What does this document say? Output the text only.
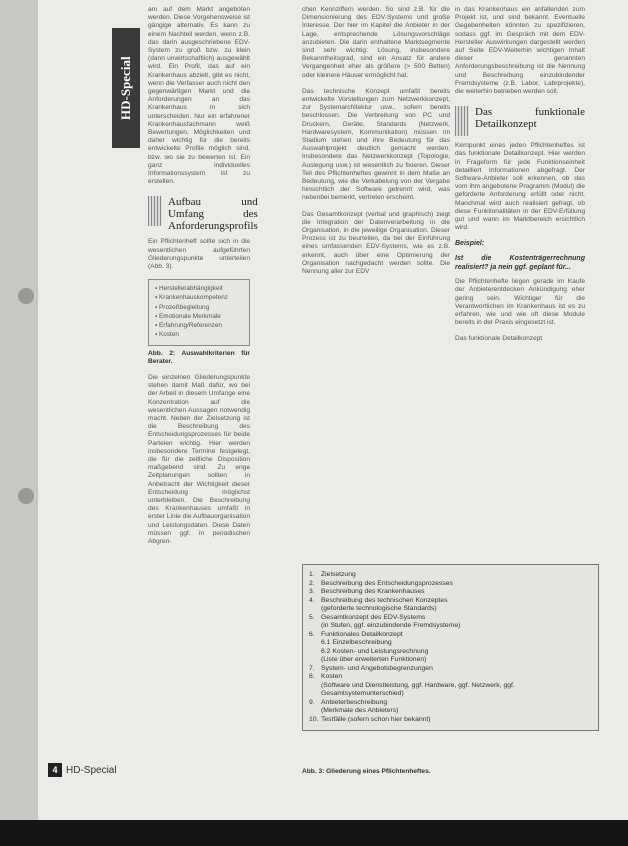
HD-Special

am auf dem Markt angeboten werden. Diese Vorgehensweise ist gängige alternativ. Es kann zu einem Nachteil werden, wenn z.B. das darin ausgeschriebene EDV-System zu groß bzw. zu klein (dann unwirtschaftlich) ausgewählt wird. Ein Profil, das auf ein Krankenhaus abzielt, gibt es nicht, wenn die Verfasser auch nicht den gegenwärtigen Markt und die Anforderungen an das Krankenhaus in sich unterscheiden. Nur ein erfahrener Krankenhausfachmann weiß Bewertungen, Möglichkeiten und daher wichtig für die bereits entwickelte Profile möglich sind, bzw. wo sie zu bewerten ist. Ein ganz individuelles Informationssystem ist zu erstellen.

Aufbau und Umfang des Anforderungsprofils

Ein Pflichtenheft sollte sich in die wesentlichen aufgeführten Gliederungspunkte unterteilen (Abb. 3).

▪ Herstellerabhängigkeit
▪ Krankenhauskompetenz
▪ Prozeßbegleitung
▪ Emotionale Merkmale
▪ Erfahrung/Referenzen
▪ Kosten
Abb. 2: Auswahlkriterien für Berater.

Die einzelnen Gliederungspunkte stehen damit Maß dafür, wo bei der Arbeit in diesem Umfange eine Konzentration auf die wesentlichen Aussagen notwendig macht. Neben der Zielsetzung ist die Beschreibung des Entscheidungsprozesses für beide Parteien wichtig. Hier werden insbesondere Termine festgelegt, die für die zeitliche Disposition maßgebend sind. Zu enge Zeitplanungen sollten in Anbetracht der Wichtigkeit dieser Entscheidung möglichst unterbleiben. Die Beschreibung des Krankenhauses umfaßt in erster Linie die Aufbauorganisation und Leistungsdaten. Diese Daten müssen ggf. in periodischen Abgren-

chen Kennziffern werden. So sind z.B. für die Dimensionierung des EDV-Systems und große Interesse. Der hier im Kapitel die Anbieter in der Lage, entsprechende Lösungsvorschläge anzubieten. Die darin enthaltene Marktsegmente sind sehr wichtig: Lösung, insbesondere Bekanntheitsgrad, sind ein Ansatz für andere Vergangenheit eher als größere (> 500 Betten) oder kleinere Häuser ermöglicht hat.

Das technische Konzept umfaßt bereits entwickelte Vorstellungen zum Netzwerkkonzept, zur Systemarchitektur usw., sofern bereits beschlossen. Die Verbreitung von PC und Druckern, Geräte, Standards (Netzwerk, Hardwaresystem, Kommunikation) müssen im Stadium stehen und ihre Bedeutung für das Auswahlprojekt deutlich gemacht werden. Insbesondere das Netzwerkkonzept (Topologie, Auslegung usw.) ist wesentlich zu fixieren. Dieser Teil des Pflichtenheftes gewinnt in dem Maße an Bedeutung, wie die Verkabelung von der Vergabe hinsichtlich der Software getrennt wird, was nebenbei bemerkt, vertreten erscheint.

Das Gesamtkonzept (verbal und graphisch) zeigt die Integration der Datenverarbeitung in die Organisation, in die jeweilige Organisation. Dieser Prozess ist zu beurteilen, da bei der Einführung eines umfassenden EDV-Systems, wie es z.B. erkennt, auch über eine Optimierung der Organisation nachgedacht werden sollte. Die Nennung aller zur EDV

in das Krankenhaus ein anfallenden zum Projekt ist, und sind bekannt. Eventuelle Gegebenheiten könnten zu spezifizieren, sodass ggf. im Gespräch mit dem EDV-Hersteller Auswirkungen dargestellt werden auf Seite EDV-Weiterhin wichtigen Inhalt dieser genannten Anforderungsbeschreibung ist die Nennung und Beschreibung einzubindender Fremdsysteme (z.B. Labor, Labrprojekte), die weiterhin betrieben werden soll.

Das funktionale Detailkonzept

Kernpunkt eines jeden Pflichtenheftes ist das funktionale Detailkonzept. Hier werden in Frageform für jede Funktionseinheit detailliert Informationen abgefragt. Der Software-Anbieter soll erkennen, ob das vom ihm angebotene Programm (Modul) die geforderte Anforderung erfüllt oder nicht. Manchmal wird auch realisiert gefragt, ob diese Funktionalitäten in der EDV-Erfüllung gut und wann im Marktbereich ersichtlich wird.

Beispiel:
Ist die Kostenträgerrechnung realisiert? ja nein ggf. geplant für...

Die Pflichtenhefte liegen gerade im Kaufe der Anbieterentdecken Ankündigung eher gering sein. Wichtiger für die Verantwortlichen im Krankenhaus ist es zu erfahren, wie und wie oft diese Module bereits in der Praxis eingesetzt ist.

Das funktionale Detailkonzept

1. Zielsetzung
2. Beschreibung des Entscheidungsprozesses
3. Beschreibung des Krankenhauses
4. Beschreibung des technischen Konzeptes
(geforderte technologische Standards)
5. Gesamtkonzept des EDV-Systems
(in Stufen, ggf. einzubindende Fremdsysteme)
6. Funktionales Detailkonzept
6.1 Einzelbeschreibung
6.2 Kosten- und Leistungsrechnung
(Liste über erweiterten Funktionen)
7. System- und Angebotsbegrenzungen
8. Kosten
(Software und Dienstleistung, ggf. Hardware, ggf. Netzwerk, ggf. Gesamtsystemunterschied)
9. Anbieterbeschreibung
(Merkmale des Anbieters)
10. Testfälle (sofern schon hier bekannt)
Abb. 3: Gliederung eines Pflichtenheftes.
4 HD-Special
